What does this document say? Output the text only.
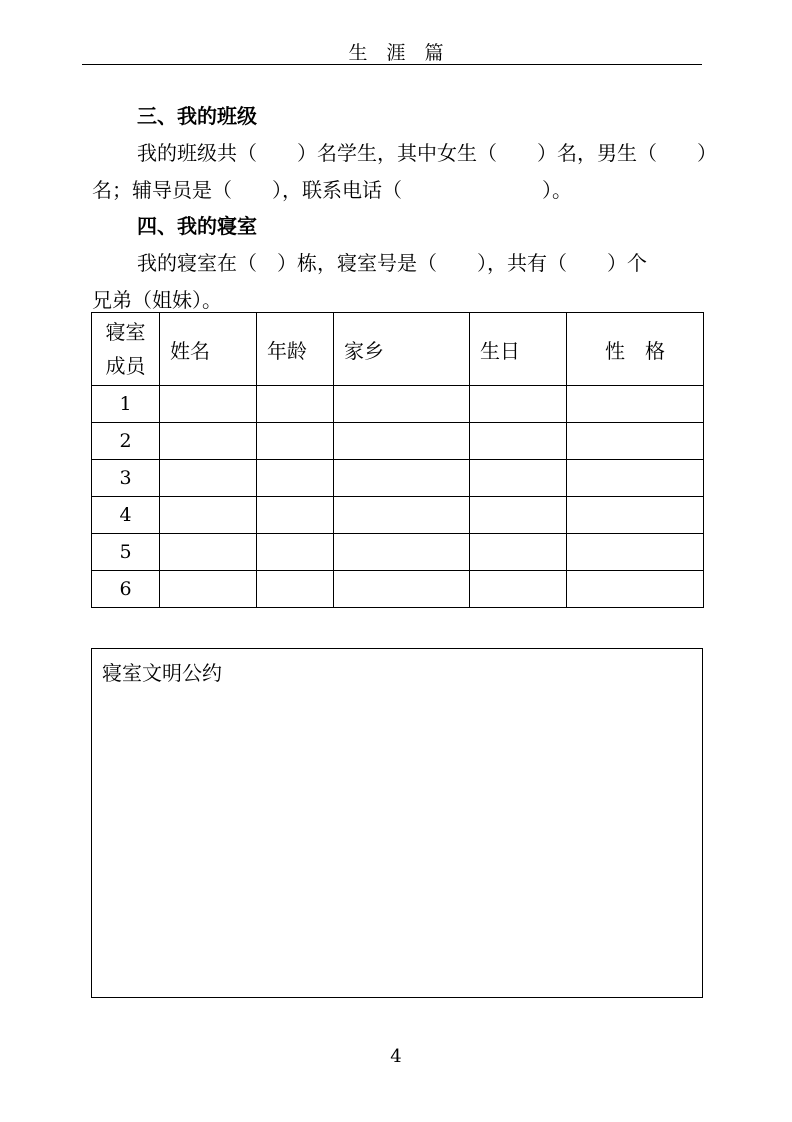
生　涯　篇
三、我的班级
我的班级共（　　）名学生，其中女生（　　）名，男生（　　）
名；辅导员是（　　），联系电话（　　　　　　　）。
四、我的寝室
我的寝室在（　）栋，寝室号是（　　），共有（　　）个
兄弟（姐妹）。
寝室
成员	姓名	年龄	家乡	生日	性　格
1					
2					
3					
4					
5					
6					
寝室文明公约
4
